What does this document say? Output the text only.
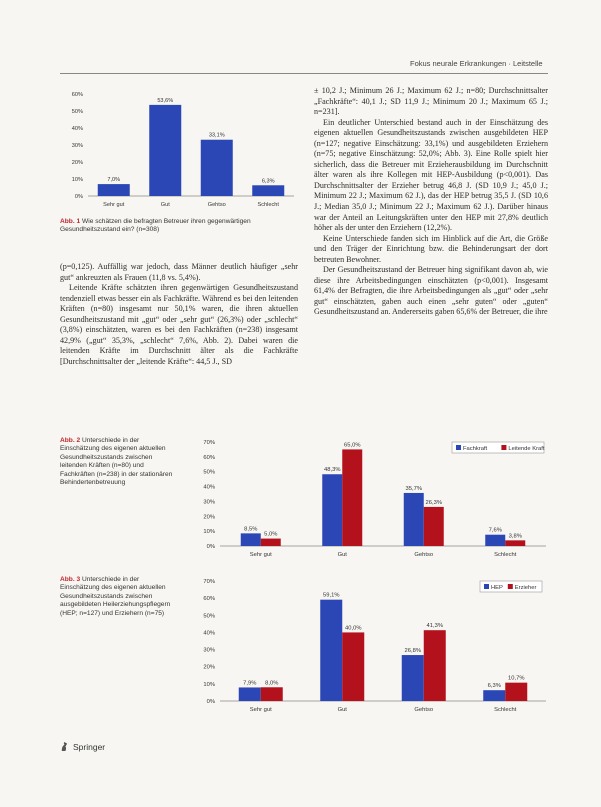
Fokus neurale Erkrankungen · Leitstelle
0%
10%
20%
30%
40%
50%
60%
Sehr gut
7,0%
Gut
53,6%
Gehtso
33,1%
Schlecht
6,3%
Abb. 1 Wie schätzen die befragten Betreuer ihren gegenwärtigen Gesundheitszustand ein? (n=308)

(p=0,125). Auffällig war jedoch, dass Männer deutlich häufiger „sehr gut“ ankreuzten als Frauen (11,8 vs. 5,4%).

Leitende Kräfte schätzten ihren gegenwärtigen Gesundheitszustand tendenziell etwas besser ein als Fachkräfte. Während es bei den leitenden Kräften (n=80) insgesamt nur 50,1% waren, die ihren aktuellen Gesundheitszustand mit „gut“ oder „sehr gut“ (26,3%) oder „schlecht“ (3,8%) einschätzten, waren es bei den Fachkräften (n=238) insgesamt 42,9% („gut“ 35,3%, „schlecht“ 7,6%, Abb. 2). Dabei waren die leitenden Kräfte im Durchschnitt älter als die Fachkräfte [Durchschnittsalter der „leitende Kräfte“: 44,5 J., SD

± 10,2 J.; Minimum 26 J.; Maximum 62 J.; n=80; Durchschnittsalter „Fachkräfte“: 40,1 J.; SD 11,9 J.; Minimum 20 J.; Maximum 65 J.; n=231].

Ein deutlicher Unterschied bestand auch in der Einschätzung des eigenen aktuellen Gesundheitszustands zwischen ausgebildeten HEP (n=127; negative Einschätzung: 33,1%) und ausgebildeten Erziehern (n=75; negative Einschätzung: 52,0%; Abb. 3). Eine Rolle spielt hier sicherlich, dass die Betreuer mit Erzieherausbildung im Durchschnitt älter waren als ihre Kollegen mit HEP-Ausbildung (p<0,001). Das Durchschnittsalter der Erzieher betrug 46,8 J. (SD 10,9 J.; 45,0 J.; Minimum 22 J.; Maximum 62 J.), das der HEP betrug 35,5 J. (SD 10,6 J.; Median 35,0 J.; Minimum 22 J.; Maximum 62 J.). Darüber hinaus war der Anteil an Leitungskräften unter den HEP mit 27,8% deutlich höher als der unter den Erziehern (12,2%).

Keine Unterschiede fanden sich im Hinblick auf die Art, die Größe und den Träger der Einrichtung bzw. die Behinderungsart der dort betreuten Bewohner.

Der Gesundheitszustand der Betreuer hing signifikant davon ab, wie diese ihre Arbeitsbedingungen einschätzten (p<0,001). Insgesamt 61,4% der Befragten, die ihre Arbeitsbedingungen als „gut“ oder „sehr gut“ einschätzten, gaben auch einen „sehr guten“ oder „guten“ Gesundheitszustand an. Andererseits gaben 65,6% der Betreuer, die ihre

Abb. 2 Unterschiede in der Einschätzung des eigenen aktuellen Gesundheitszustands zwischen leitenden Kräften (n=80) und Fachkräften (n=238) in der stationären Behindertenbetreuung
0%
10%
20%
30%
40%
50%
60%
70%
Sehr gut
8,5%
5,0%
Gut
48,3%
65,0%
Gehtso
35,7%
26,3%
Schlecht
7,6%
3,8%
Fachkraft	Leitende Kraft
Abb. 3 Unterschiede in der Einschätzung des eigenen aktuellen Gesundheitszustands zwischen ausgebildeten Heilerziehungspflegern (HEP; n=127) und Erziehern (n=75)
0%
10%
20%
30%
40%
50%
60%
70%
Sehr gut
7,9% 8,0%
Gut
59,1%
40,0%
Gehtso
26,8%
41,3%
Schlecht
6,3%
10,7%
HEP Erzieher
Springer
